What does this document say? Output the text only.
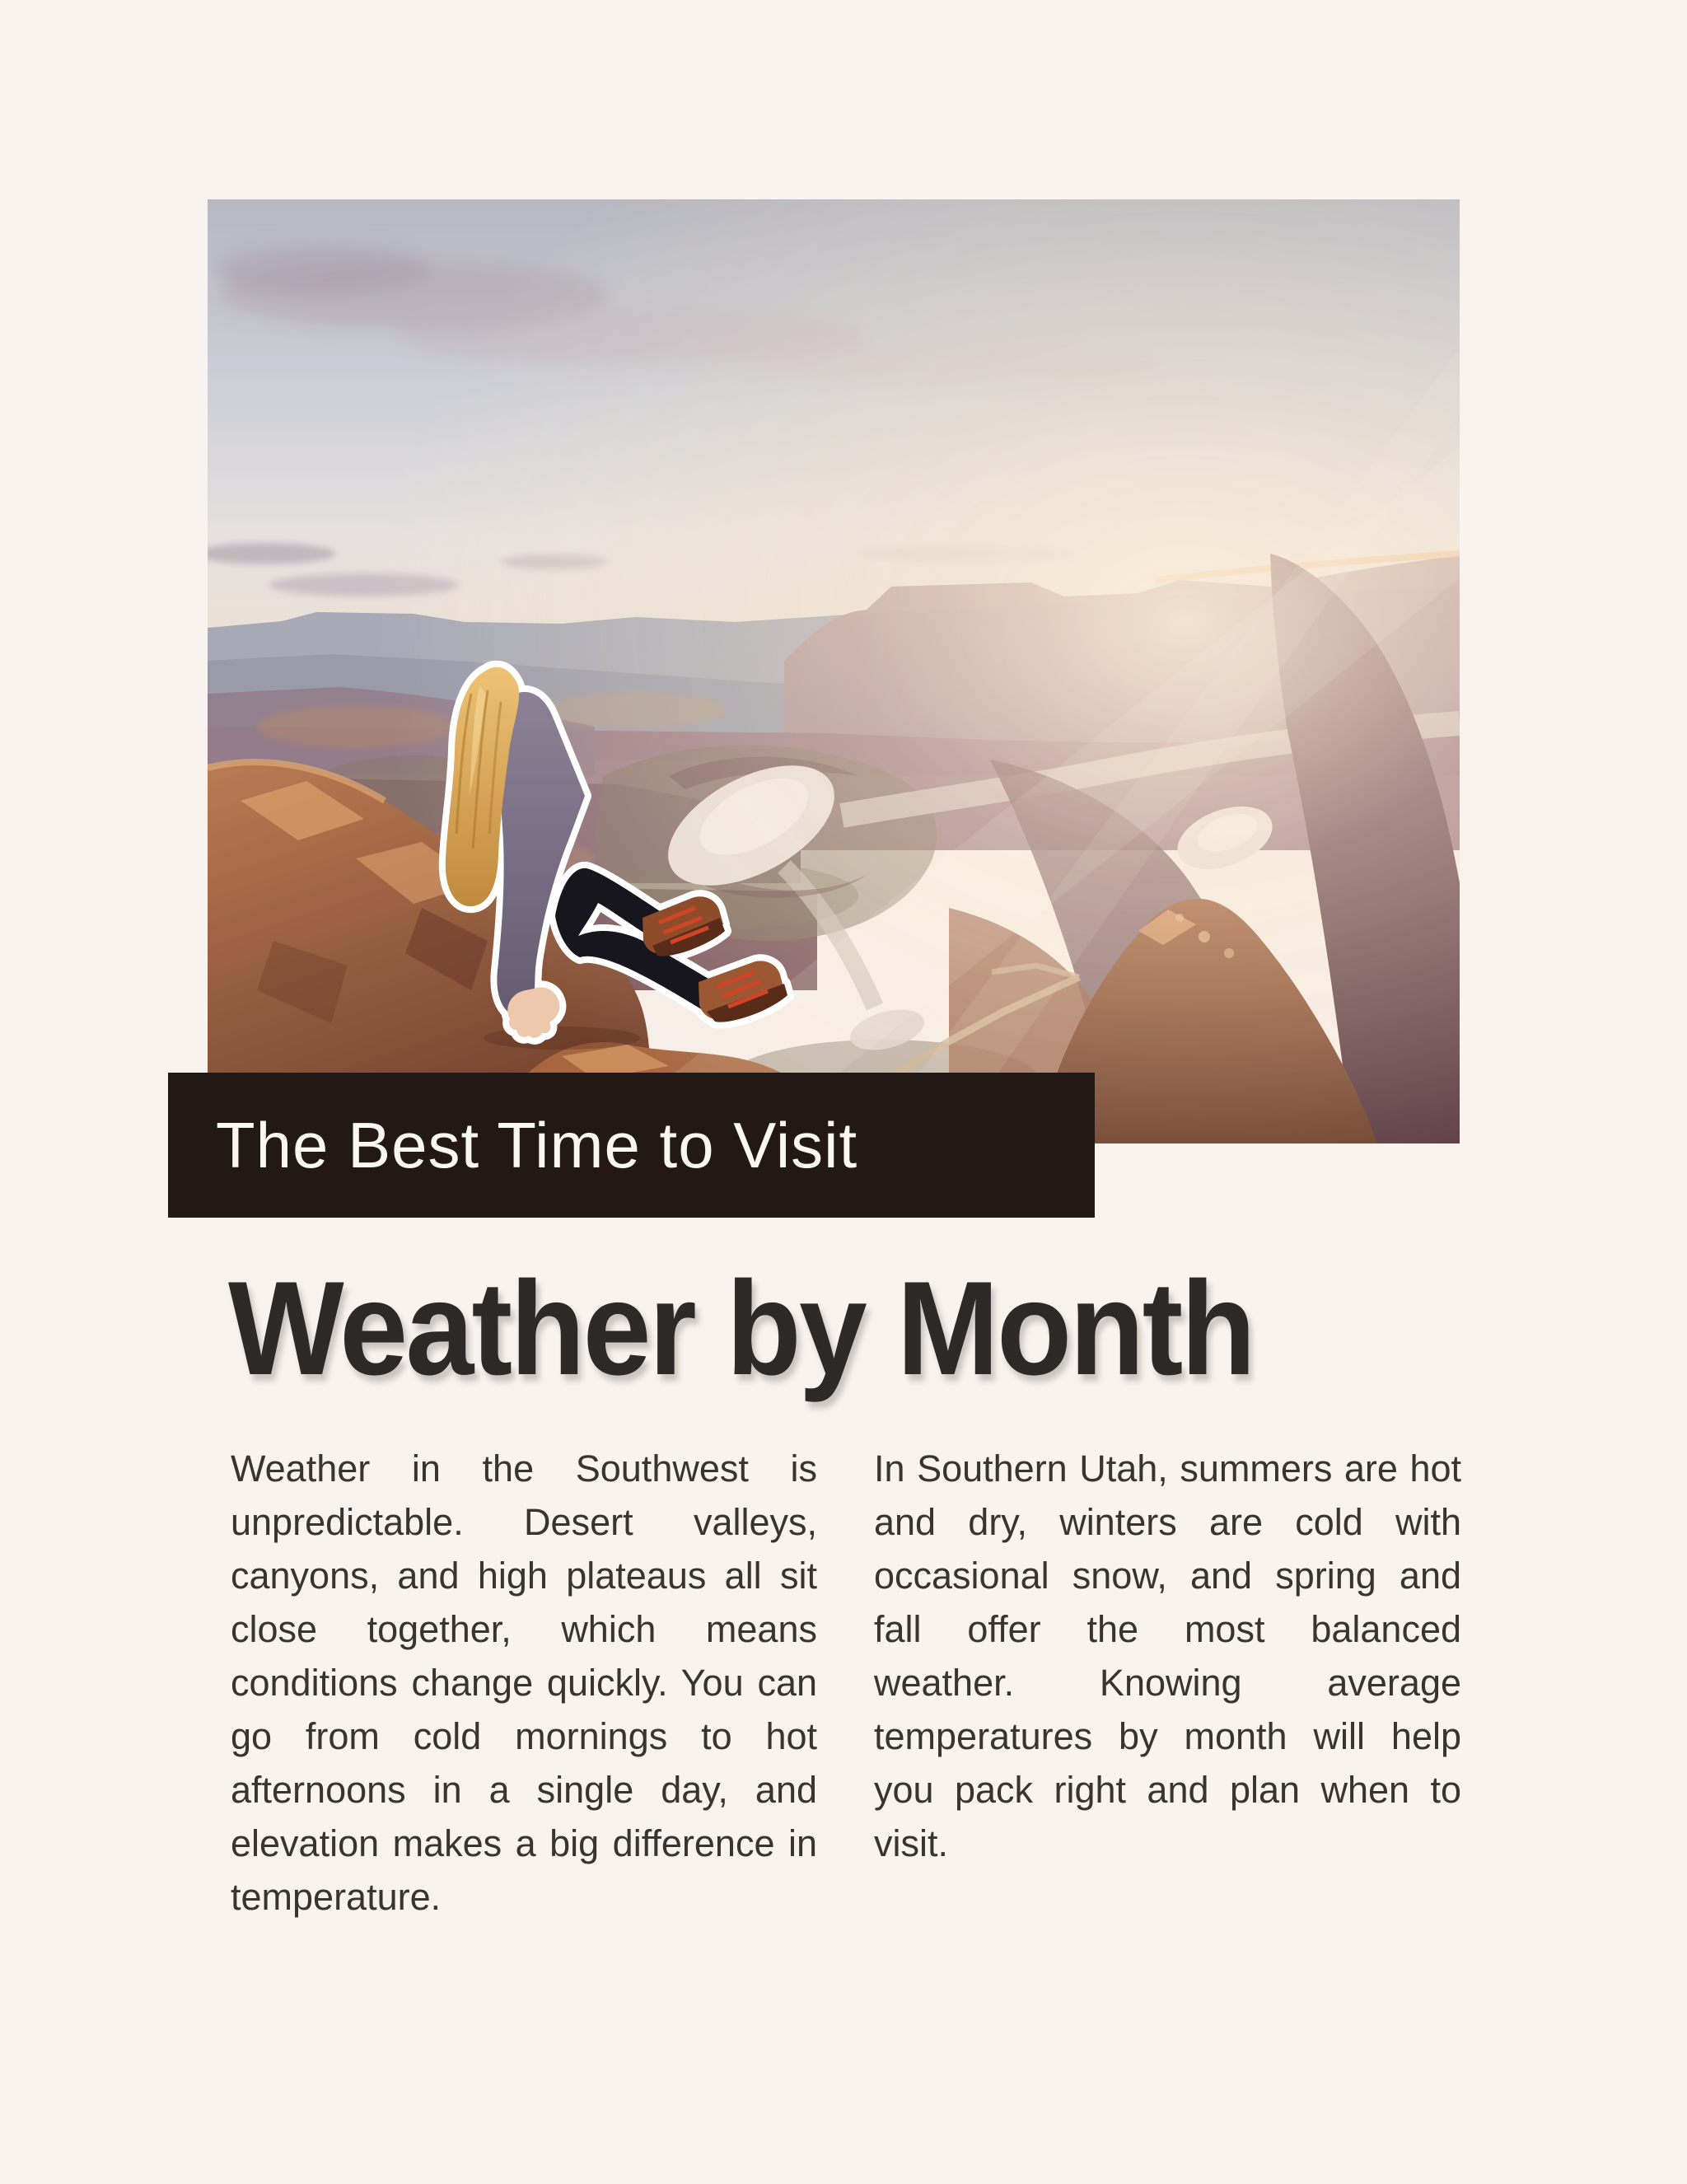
The Best Time to Visit
Weather by Month

Weather in the Southwest is unpredictable. Desert valleys, canyons, and high plateaus all sit close together, which means conditions change quickly. You can go from cold mornings to hot afternoons in a single day, and elevation makes a big difference in temperature.

In Southern Utah, summers are hot and dry, winters are cold with occasional snow, and spring and fall offer the most balanced weather. Knowing average temperatures by month will help you pack right and plan when to visit.
